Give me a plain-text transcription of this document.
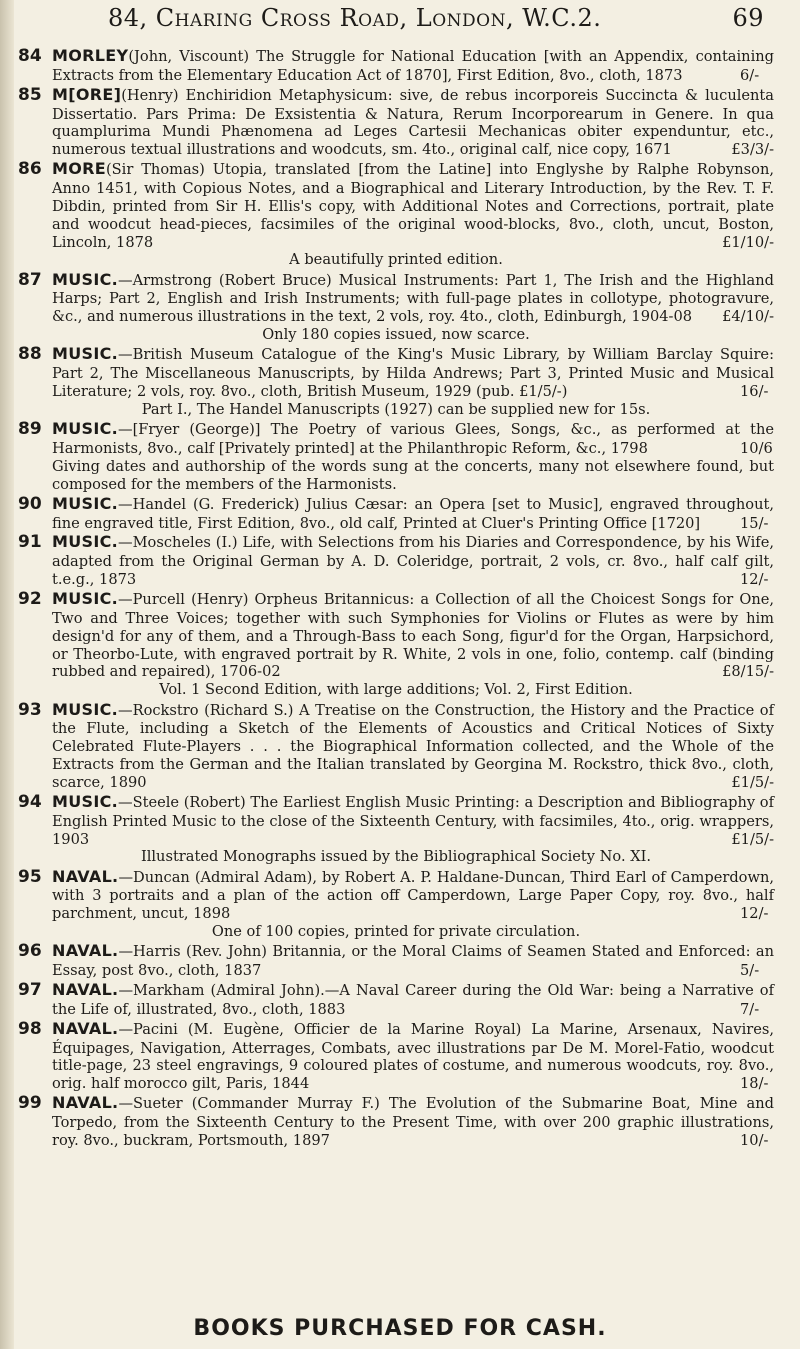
84, Charing Cross Road, London, W.C.2.	69
84 MORLEY(John, Viscount) The Struggle for National Education [with an Appendix, containing Extracts from the Elementary Education Act of 1870], First Edition, 8vo., cloth, 1873	6/-
85 M[ORE](Henry) Enchiridion Metaphysicum: sive, de rebus incorporeis Succincta & luculenta Dissertatio. Pars Prima: De Exsistentia & Natura, Rerum Incorporearum in Genere. In qua quamplurima Mundi Phænomena ad Leges Cartesii Mechanicas obiter expenduntur, etc., numerous textual illustrations and woodcuts, sm. 4to., original calf, nice copy, 1671	£3/3/-
86 MORE(Sir Thomas) Utopia, translated [from the Latine] into Englyshe by Ralphe Robynson, Anno 1451, with Copious Notes, and a Biographical and Literary Introduction, by the Rev. T. F. Dibdin, printed from Sir H. Ellis's copy, with Additional Notes and Corrections, portrait, plate and woodcut head-pieces, facsimiles of the original wood-blocks, 8vo., cloth, uncut, Boston, Lincoln, 1878	£1/10/-
A beautifully printed edition.
87 MUSIC.—Armstrong (Robert Bruce) Musical Instruments: Part 1, The Irish and the Highland Harps; Part 2, English and Irish Instruments; with full-page plates in collotype, photogravure, &c., and numerous illustrations in the text, 2 vols, roy. 4to., cloth, Edinburgh, 1904-08 £4/10/-
Only 180 copies issued, now scarce.
88 MUSIC.—British Museum Catalogue of the King's Music Library, by William Barclay Squire: Part 2, The Miscellaneous Manuscripts, by Hilda Andrews; Part 3, Printed Music and Musical Literature; 2 vols, roy. 8vo., cloth, British Museum, 1929 (pub. £1/5/-)	16/-
Part I., The Handel Manuscripts (1927) can be supplied new for 15s.
89 MUSIC.—[Fryer (George)] The Poetry of various Glees, Songs, &c., as performed at the Harmonists, 8vo., calf [Privately printed] at the Philanthropic Reform, &c., 1798	10/6
Giving dates and authorship of the words sung at the concerts, many not elsewhere found, but composed for the members of the Harmonists.
90 MUSIC.—Handel (G. Frederick) Julius Cæsar: an Opera [set to Music], engraved throughout, fine engraved title, First Edition, 8vo., old calf, Printed at Cluer's Printing Office [1720]	15/-
91 MUSIC.—Moscheles (I.) Life, with Selections from his Diaries and Correspondence, by his Wife, adapted from the Original German by A. D. Coleridge, portrait, 2 vols, cr. 8vo., half calf gilt, t.e.g., 1873	12/-
92 MUSIC.—Purcell (Henry) Orpheus Britannicus: a Collection of all the Choicest Songs for One, Two and Three Voices; together with such Symphonies for Violins or Flutes as were by him design'd for any of them, and a Through-Bass to each Song, figur'd for the Organ, Harpsichord, or Theorbo-Lute, with engraved portrait by R. White, 2 vols in one, folio, contemp. calf (binding rubbed and repaired), 1706-02	£8/15/-
Vol. 1 Second Edition, with large additions; Vol. 2, First Edition.
93 MUSIC.—Rockstro (Richard S.) A Treatise on the Construction, the History and the Practice of the Flute, including a Sketch of the Elements of Acoustics and Critical Notices of Sixty Celebrated Flute-Players . . . the Biographical Information collected, and the Whole of the Extracts from the German and the Italian translated by Georgina M. Rockstro, thick 8vo., cloth, scarce, 1890	£1/5/-
94 MUSIC.—Steele (Robert) The Earliest English Music Printing: a Description and Bibliography of English Printed Music to the close of the Sixteenth Century, with facsimiles, 4to., orig. wrappers, 1903	£1/5/-
Illustrated Monographs issued by the Bibliographical Society No. XI.
95 NAVAL.—Duncan (Admiral Adam), by Robert A. P. Haldane-Duncan, Third Earl of Camperdown, with 3 portraits and a plan of the action off Camperdown, Large Paper Copy, roy. 8vo., half parchment, uncut, 1898	12/-
One of 100 copies, printed for private circulation.
96 NAVAL.—Harris (Rev. John) Britannia, or the Moral Claims of Seamen Stated and Enforced: an Essay, post 8vo., cloth, 1837	5/-
97 NAVAL.—Markham (Admiral John).—A Naval Career during the Old War: being a Narrative of the Life of, illustrated, 8vo., cloth, 1883	7/-
98 NAVAL.—Pacini (M. Eugène, Officier de la Marine Royal) La Marine, Arsenaux, Navires, Équipages, Navigation, Atterrages, Combats, avec illustrations par De M. Morel-Fatio, woodcut title-page, 23 steel engravings, 9 coloured plates of costume, and numerous woodcuts, roy. 8vo., orig. half morocco gilt, Paris, 1844	18/-
99 NAVAL.—Sueter (Commander Murray F.) The Evolution of the Submarine Boat, Mine and Torpedo, from the Sixteenth Century to the Present Time, with over 200 graphic illustrations, roy. 8vo., buckram, Portsmouth, 1897	10/-
BOOKS PURCHASED FOR CASH.
